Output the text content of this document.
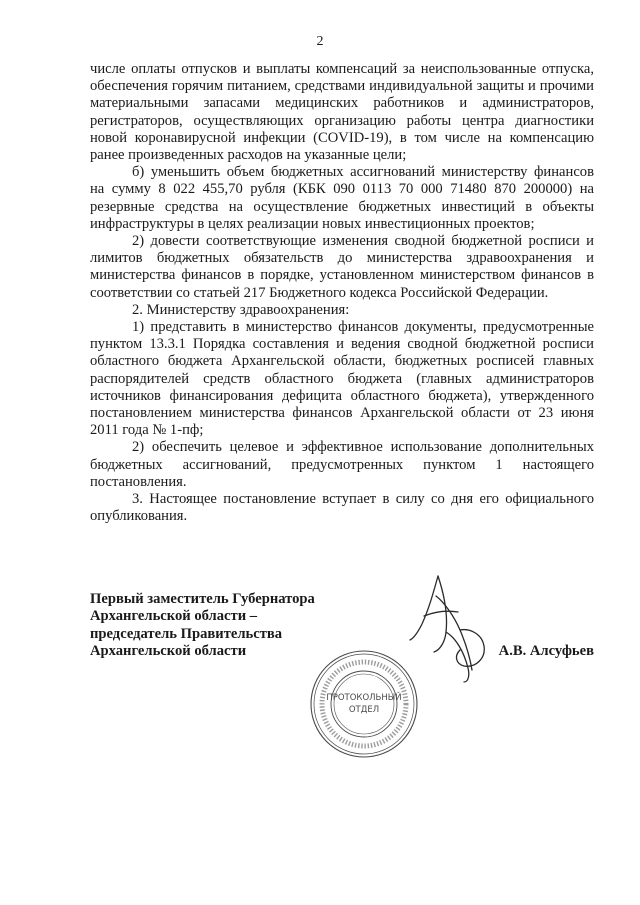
2

числе оплаты отпусков и выплаты компенсаций за неиспользованные отпуска, обеспечения горячим питанием, средствами индивидуальной защиты и прочими материальными запасами медицинских работников и администраторов, регистраторов, осуществляющих организацию работы центра диагностики новой коронавирусной инфекции (COVID-19), в том числе на компенсацию ранее произведенных расходов на указанные цели;

б) уменьшить объем бюджетных ассигнований министерству финансов на сумму 8 022 455,70 рубля (КБК 090 0113 70 000 71480 870 200000) на резервные средства на осуществление бюджетных инвестиций в объекты инфраструктуры в целях реализации новых инвестиционных проектов;

2) довести соответствующие изменения сводной бюджетной росписи и лимитов бюджетных обязательств до министерства здравоохранения и министерства финансов в порядке, установленном министерством финансов в соответствии со статьей 217 Бюджетного кодекса Российской Федерации.

2. Министерству здравоохранения:

1) представить в министерство финансов документы, предусмотренные пунктом 13.3.1 Порядка составления и ведения сводной бюджетной росписи областного бюджета Архангельской области, бюджетных росписей главных распорядителей средств областного бюджета (главных администраторов источников финансирования дефицита областного бюджета), утвержденного постановлением министерства финансов Архангельской области от 23 июня 2011 года № 1-пф;

2) обеспечить целевое и эффективное использование дополнительных бюджетных ассигнований, предусмотренных пунктом 1 настоящего постановления.

3. Настоящее постановление вступает в силу со дня его официального опубликования.

Первый заместитель Губернатора
Архангельской области –
председатель Правительства
Архангельской области	А.В. Алсуфьев
ПРОТОКОЛЬНЫЙ
ОТДЕЛ
